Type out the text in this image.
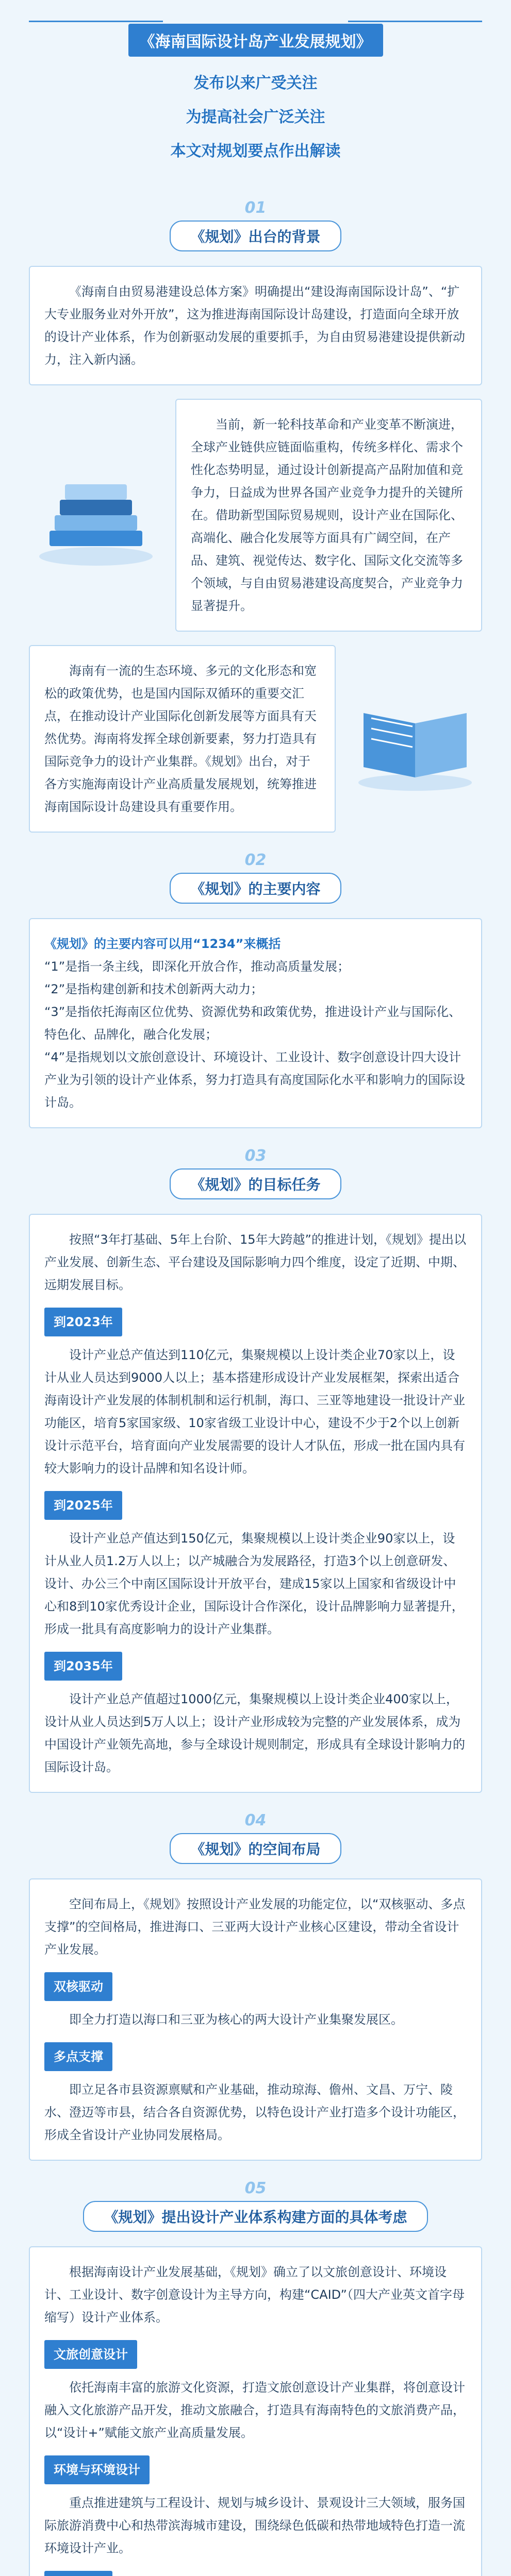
《海南国际设计岛产业发展规划》
发布以来广受关注
为提高社会广泛关注
本文对规划要点作出解读
01
《规划》出台的背景

《海南自由贸易港建设总体方案》明确提出“建设海南国际设计岛”、“扩大专业服务业对外开放”，这为推进海南国际设计岛建设，打造面向全球开放的设计产业体系，作为创新驱动发展的重要抓手，为自由贸易港建设提供新动力，注入新内涵。

当前，新一轮科技革命和产业变革不断演进，全球产业链供应链面临重构，传统多样化、需求个性化态势明显，通过设计创新提高产品附加值和竞争力，日益成为世界各国产业竞争力提升的关键所在。借助新型国际贸易规则，设计产业在国际化、高端化、融合化发展等方面具有广阔空间，在产品、建筑、视觉传达、数字化、国际文化交流等多个领域，与自由贸易港建设高度契合，产业竞争力显著提升。

海南有一流的生态环境、多元的文化形态和宽松的政策优势，也是国内国际双循环的重要交汇点，在推动设计产业国际化创新发展等方面具有天然优势。海南将发挥全球创新要素，努力打造具有国际竞争力的设计产业集群。《规划》出台，对于各方实施海南设计产业高质量发展规划，统筹推进海南国际设计岛建设具有重要作用。

02
《规划》的主要内容
《规划》的主要内容可以用“1234”来概括
“1”是指一条主线，即深化开放合作，推动高质量发展；
“2”是指构建创新和技术创新两大动力；
“3”是指依托海南区位优势、资源优势和政策优势，推进设计产业与国际化、特色化、品牌化，融合化发展；
“4”是指规划以文旅创意设计、环境设计、工业设计、数字创意设计四大设计产业为引领的设计产业体系，努力打造具有高度国际化水平和影响力的国际设计岛。
03
《规划》的目标任务

按照“3年打基础、5年上台阶、15年大跨越”的推进计划，《规划》提出以产业发展、创新生态、平台建设及国际影响力四个维度，设定了近期、中期、远期发展目标。

到2023年

设计产业总产值达到110亿元，集聚规模以上设计类企业70家以上，设计从业人员达到9000人以上；基本搭建形成设计产业发展框架，探索出适合海南设计产业发展的体制机制和运行机制，海口、三亚等地建设一批设计产业功能区，培育5家国家级、10家省级工业设计中心，建设不少于2个以上创新设计示范平台，培育面向产业发展需要的设计人才队伍，形成一批在国内具有较大影响力的设计品牌和知名设计师。

到2025年

设计产业总产值达到150亿元，集聚规模以上设计类企业90家以上，设计从业人员1.2万人以上；以产城融合为发展路径，打造3个以上创意研发、设计、办公三个中南区国际设计开放平台，建成15家以上国家和省级设计中心和8到10家优秀设计企业，国际设计合作深化，设计品牌影响力显著提升，形成一批具有高度影响力的设计产业集群。

到2035年

设计产业总产值超过1000亿元，集聚规模以上设计类企业400家以上，设计从业人员达到5万人以上；设计产业形成较为完整的产业发展体系，成为中国设计产业领先高地，参与全球设计规则制定，形成具有全球设计影响力的国际设计岛。

04
《规划》的空间布局

空间布局上，《规划》按照设计产业发展的功能定位，以“双核驱动、多点支撑”的空间格局，推进海口、三亚两大设计产业核心区建设，带动全省设计产业发展。

双核驱动

即全力打造以海口和三亚为核心的两大设计产业集聚发展区。

多点支撑

即立足各市县资源禀赋和产业基础，推动琼海、儋州、文昌、万宁、陵水、澄迈等市县，结合各自资源优势，以特色设计产业打造多个设计功能区，形成全省设计产业协同发展格局。

05
《规划》提出设计产业体系构建方面的具体考虑

根据海南设计产业发展基础，《规划》确立了以文旅创意设计、环境设计、工业设计、数字创意设计为主导方向，构建“CAID”（四大产业英文首字母缩写）设计产业体系。

文旅创意设计

依托海南丰富的旅游文化资源，打造文旅创意设计产业集群，将创意设计融入文化旅游产品开发，推动文旅融合，打造具有海南特色的文旅消费产品，以“设计+”赋能文旅产业高质量发展。

环境与环境设计

重点推进建筑与工程设计、规划与城乡设计、景观设计三大领域，服务国际旅游消费中心和热带滨海城市建设，围绕绿色低碳和热带地域特色打造一流环境设计产业。
